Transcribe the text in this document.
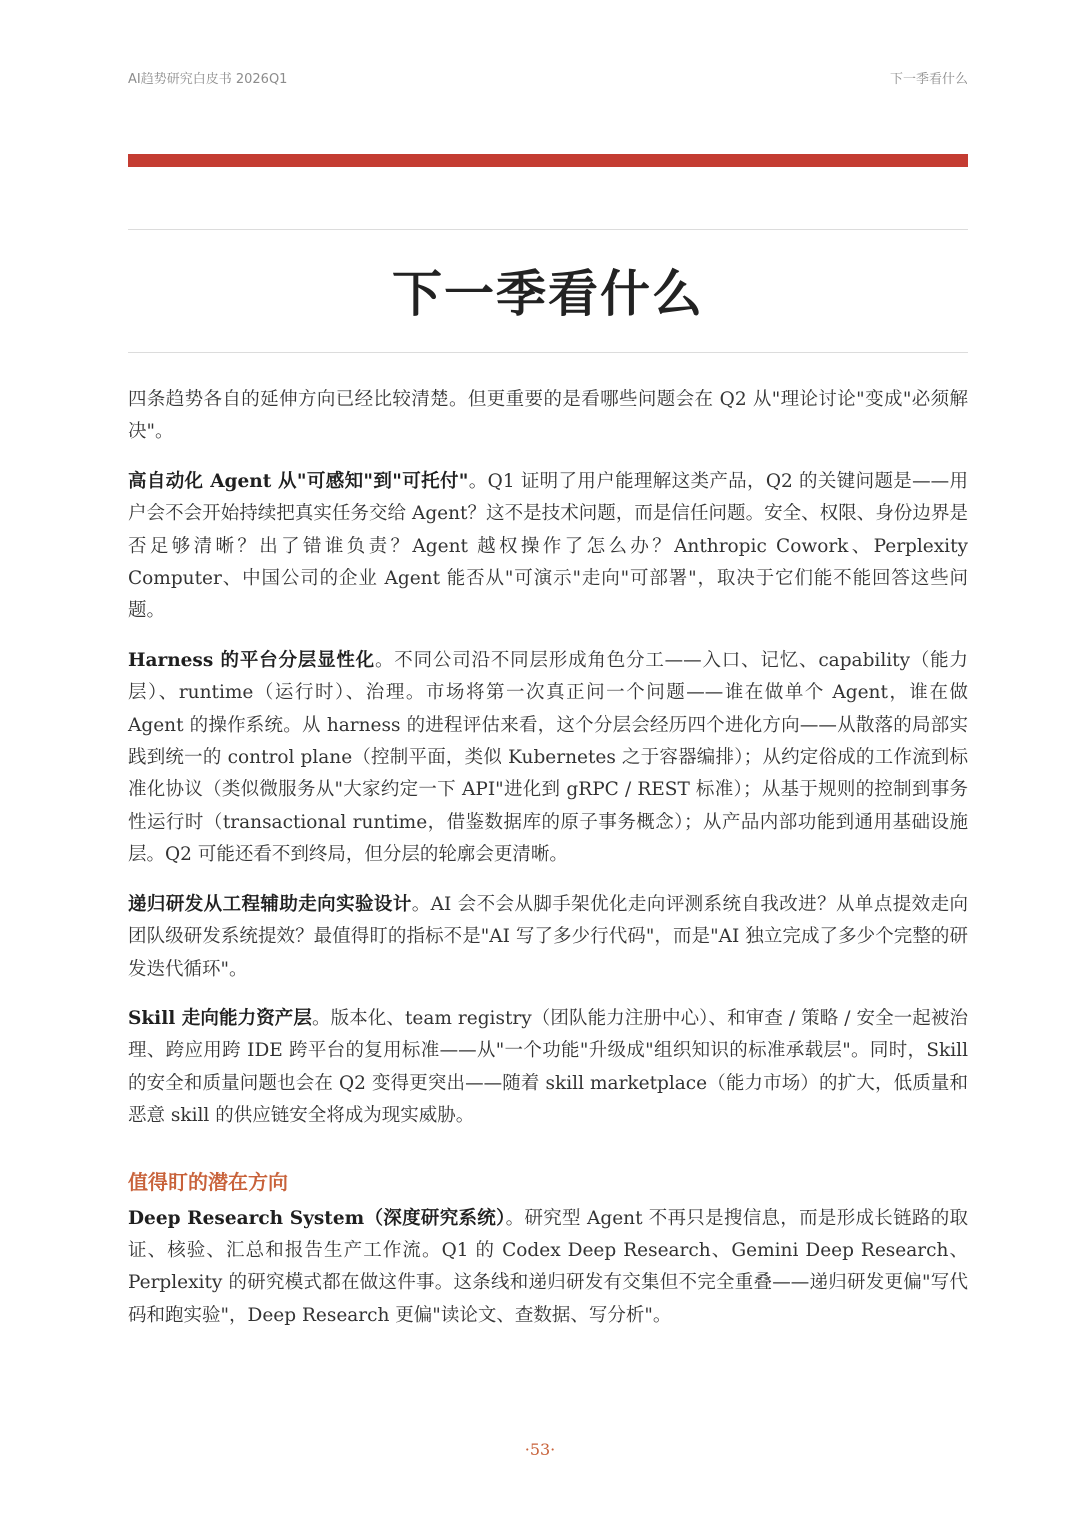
AI趋势研究白皮书 2026Q1	下一季看什么
下一季看什么

四条趋势各自的延伸方向已经比较清楚。但更重要的是看哪些问题会在 Q2 从"理论讨论"变成"必须解决"。

高自动化 Agent 从"可感知"到"可托付"。Q1 证明了用户能理解这类产品，Q2 的关键问题是——用户会不会开始持续把真实任务交给 Agent？这不是技术问题，而是信任问题。安全、权限、身份边界是否足够清晰？出了错谁负责？Agent 越权操作了怎么办？Anthropic Cowork、Perplexity Computer、中国公司的企业 Agent 能否从"可演示"走向"可部署"，取决于它们能不能回答这些问题。

Harness 的平台分层显性化。不同公司沿不同层形成角色分工——入口、记忆、capability（能力层）、runtime（运行时）、治理。市场将第一次真正问一个问题——谁在做单个 Agent，谁在做 Agent 的操作系统。从 harness 的进程评估来看，这个分层会经历四个进化方向——从散落的局部实践到统一的 control plane（控制平面，类似 Kubernetes 之于容器编排）；从约定俗成的工作流到标准化协议（类似微服务从"大家约定一下 API"进化到 gRPC / REST 标准）；从基于规则的控制到事务性运行时（transactional runtime，借鉴数据库的原子事务概念）；从产品内部功能到通用基础设施层。Q2 可能还看不到终局，但分层的轮廓会更清晰。

递归研发从工程辅助走向实验设计。AI 会不会从脚手架优化走向评测系统自我改进？从单点提效走向团队级研发系统提效？最值得盯的指标不是"AI 写了多少行代码"，而是"AI 独立完成了多少个完整的研发迭代循环"。

Skill 走向能力资产层。版本化、team registry（团队能力注册中心）、和审查 / 策略 / 安全一起被治理、跨应用跨 IDE 跨平台的复用标准——从"一个功能"升级成"组织知识的标准承载层"。同时，Skill 的安全和质量问题也会在 Q2 变得更突出——随着 skill marketplace（能力市场）的扩大，低质量和恶意 skill 的供应链安全将成为现实威胁。

值得盯的潜在方向

Deep Research System（深度研究系统）。研究型 Agent 不再只是搜信息，而是形成长链路的取证、核验、汇总和报告生产工作流。Q1 的 Codex Deep Research、Gemini Deep Research、Perplexity 的研究模式都在做这件事。这条线和递归研发有交集但不完全重叠——递归研发更偏"写代码和跑实验"，Deep Research 更偏"读论文、查数据、写分析"。

·53·
